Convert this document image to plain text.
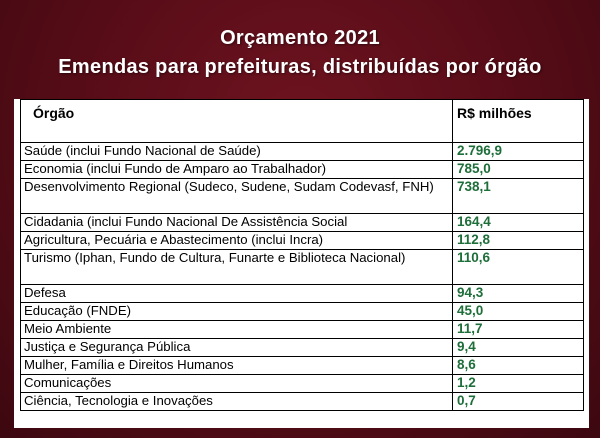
Orçamento 2021
Emendas para prefeituras, distribuídas por órgão
Órgão	R$ milhões
Saúde (inclui Fundo Nacional de Saúde)	2.796,9
Economia (inclui Fundo de Amparo ao Trabalhador)	785,0
Desenvolvimento Regional (Sudeco, Sudene, Sudam Codevasf, FNH)	738,1
Cidadania (inclui Fundo Nacional De Assistência Social	164,4
Agricultura, Pecuária e Abastecimento (inclui Incra)	112,8
Turismo (Iphan, Fundo de Cultura, Funarte e Biblioteca Nacional)	110,6
Defesa	94,3
Educação (FNDE)	45,0
Meio Ambiente	11,7
Justiça e Segurança Pública	9,4
Mulher, Família e Direitos Humanos	8,6
Comunicações	1,2
Ciência, Tecnologia e Inovações	0,7
